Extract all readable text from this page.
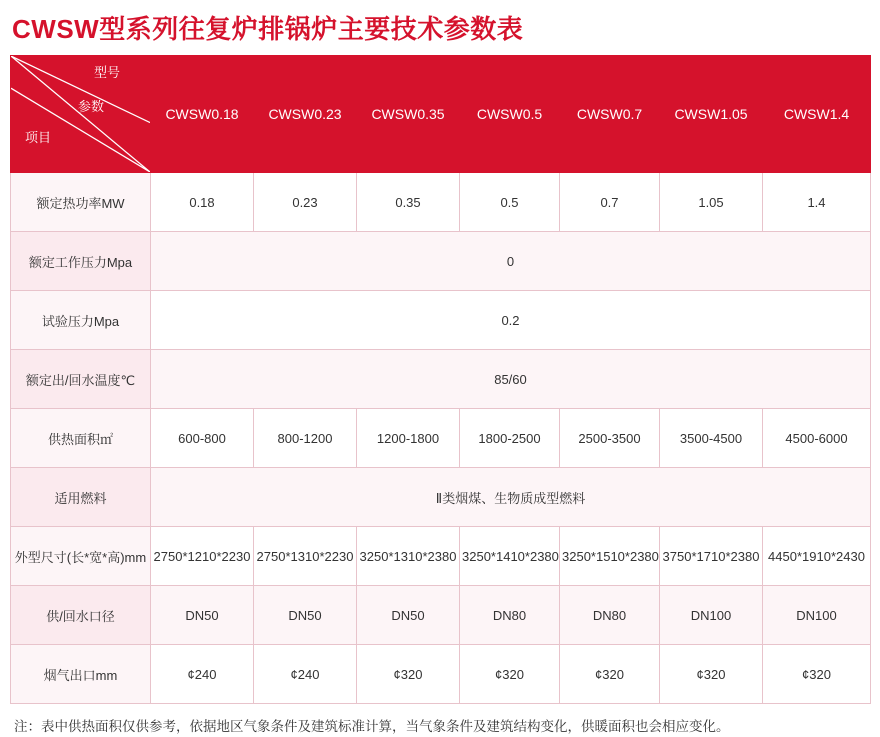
CWSW型系列往复炉排锅炉主要技术参数表
型号
参数
项目	CWSW0.18	CWSW0.23	CWSW0.35	CWSW0.5	CWSW0.7	CWSW1.05	CWSW1.4
额定热功率MW	0.18	0.23	0.35	0.5	0.7	1.05	1.4
额定工作压力Mpa	0						
试验压力Mpa	0.2						
额定出/回水温度℃	85/60						
供热面积㎡	600-800	800-1200	1200-1800	1800-2500	2500-3500	3500-4500	4500-6000
适用燃料	Ⅱ类烟煤、生物质成型燃料						
外型尺寸(长*宽*高)mm	2750*1210*2230	2750*1310*2230	3250*1310*2380	3250*1410*2380	3250*1510*2380	3750*1710*2380	4450*1910*2430
供/回水口径	DN50	DN50	DN50	DN80	DN80	DN100	DN100
烟气出口mm	¢240	¢240	¢320	¢320	¢320	¢320	¢320
注：表中供热面积仅供参考，依据地区气象条件及建筑标准计算，当气象条件及建筑结构变化，供暖面积也会相应变化。
